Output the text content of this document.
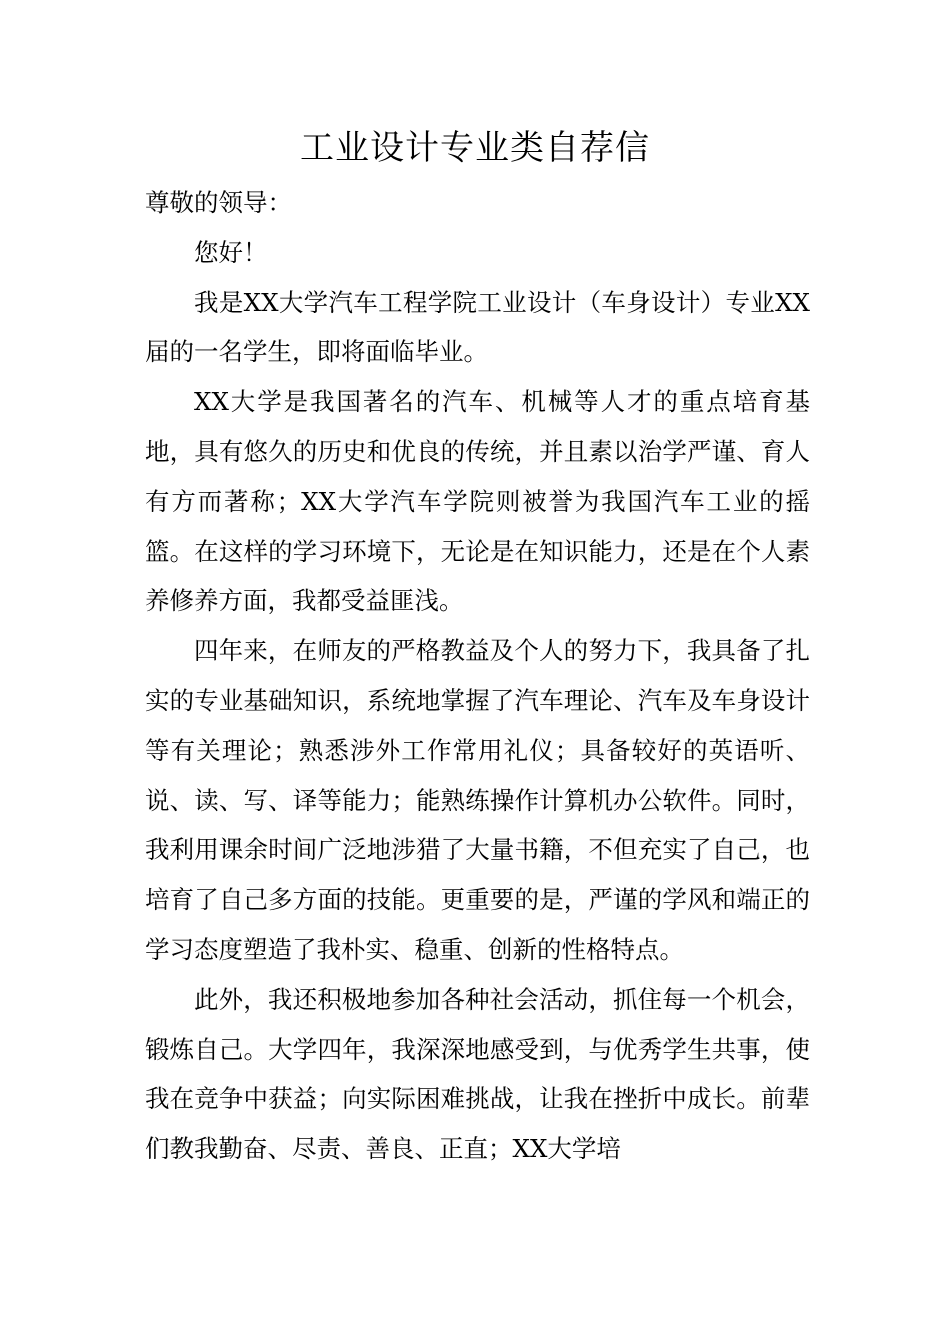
工业设计专业类自荐信

尊敬的领导：

您好！

我是XX大学汽车工程学院工业设计（车身设计）专业XX届的一名学生，即将面临毕业。

XX大学是我国著名的汽车、机械等人才的重点培育基地，具有悠久的历史和优良的传统，并且素以治学严谨、育人有方而著称；XX大学汽车学院则被誉为我国汽车工业的摇篮。在这样的学习环境下，无论是在知识能力，还是在个人素养修养方面，我都受益匪浅。

四年来，在师友的严格教益及个人的努力下，我具备了扎实的专业基础知识，系统地掌握了汽车理论、汽车及车身设计等有关理论；熟悉涉外工作常用礼仪；具备较好的英语听、说、读、写、译等能力；能熟练操作计算机办公软件。同时，我利用课余时间广泛地涉猎了大量书籍，不但充实了自己，也培育了自己多方面的技能。更重要的是，严谨的学风和端正的学习态度塑造了我朴实、稳重、创新的性格特点。

此外，我还积极地参加各种社会活动，抓住每一个机会，锻炼自己。大学四年，我深深地感受到，与优秀学生共事，使我在竞争中获益；向实际困难挑战，让我在挫折中成长。前辈们教我勤奋、尽责、善良、正直；XX大学培
